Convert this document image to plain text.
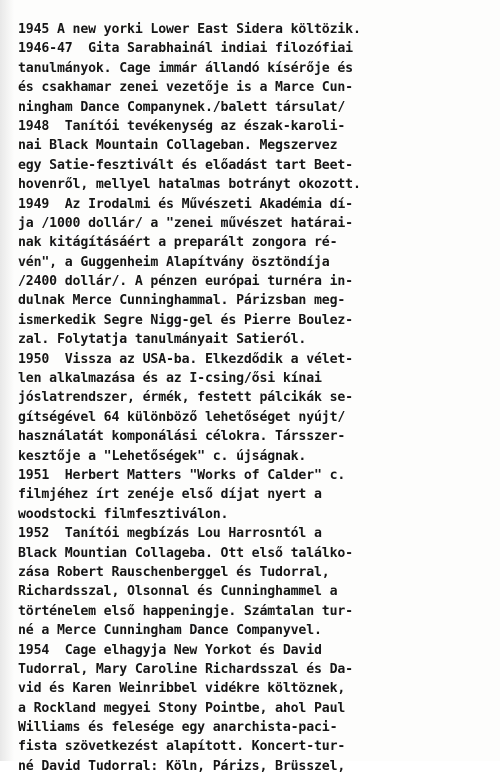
1945 A new yorki Lower East Sidera költözik.
1946-47  Gita Sarabhainál indiai filozófiai
tanulmányok. Cage immár állandó kísérője és
és csakhamar zenei vezetője is a Marce Cun-
ningham Dance Companynek./balett társulat/
1948  Tanítói tevékenység az észak-karoli-
nai Black Mountain Collageban. Megszervez
egy Satie-fesztivált és előadást tart Beet-
hovenről, mellyel hatalmas botrányt okozott.
1949  Az Irodalmi és Művészeti Akadémia dí-
ja /1000 dollár/ a "zenei művészet határai-
nak kitágításáért a preparált zongora ré-
vén", a Guggenheim Alapítvány ösztöndíja
/2400 dollár/. A pénzen európai turnéra in-
dulnak Merce Cunninghammal. Párizsban meg-
ismerkedik Segre Nigg-gel és Pierre Boulez-
zal. Folytatja tanulmányait Satieról.
1950  Vissza az USA-ba. Elkezdődik a vélet-
len alkalmazása és az I-csing/ősi kínai
jóslatrendszer, érmék, festett pálcikák se-
gítségével 64 különböző lehetőséget nyújt/
használatát komponálási célokra. Társszer-
kesztője a "Lehetőségek" c. újságnak.
1951  Herbert Matters "Works of Calder" c.
filmjéhez írt zenéje első díjat nyert a
woodstocki filmfesztiválon.
1952  Tanítói megbízás Lou Harrosntól a
Black Mountian Collageba. Ott első találko-
zása Robert Rauschenberggel és Tudorral,
Richardsszal, Olsonnal és Cunninghammel a
történelem első happeningje. Számtalan tur-
né a Merce Cunningham Dance Companyvel.
1954  Cage elhagyja New Yorkot és David
Tudorral, Mary Caroline Richardsszal és Da-
vid és Karen Weinribbel vidékre költöznek,
a Rockland megyei Stony Pointbe, ahol Paul
Williams és felesége egy anarchista-paci-
fista szövetkezést alapított. Koncert-tur-
né David Tudorral: Köln, Párizs, Brüsszel,
